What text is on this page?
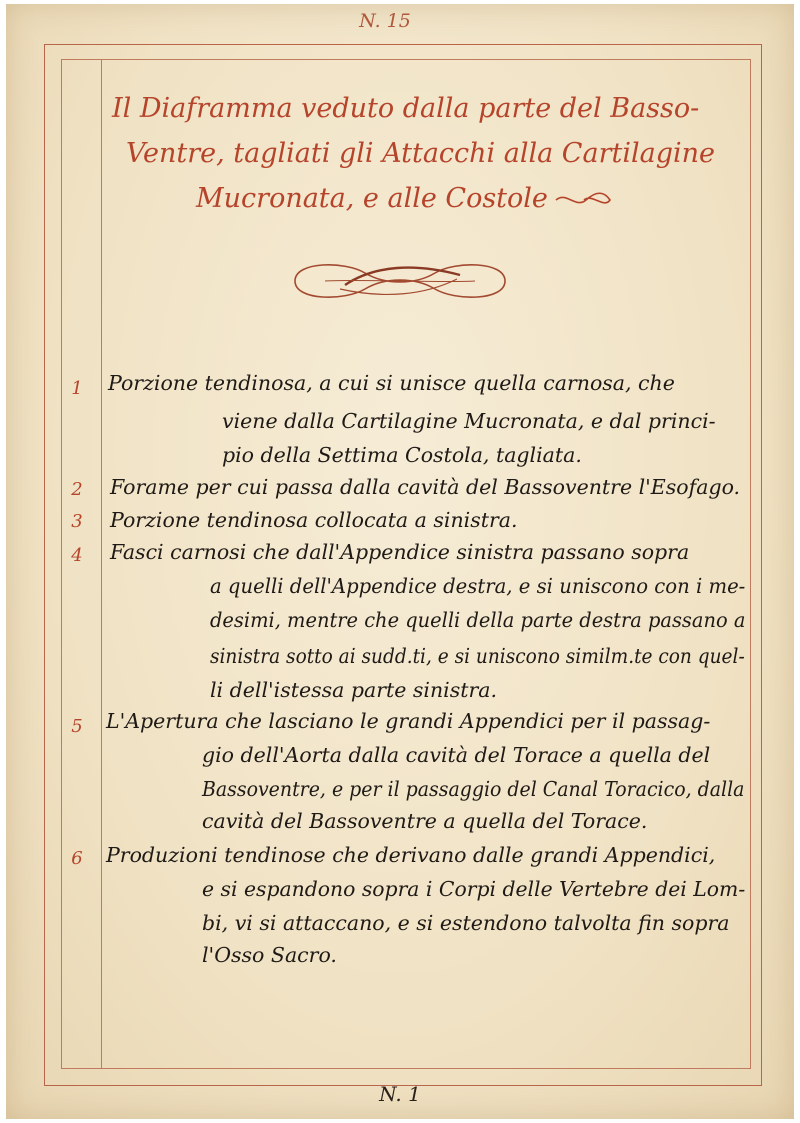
N. 15
Il Diaframma veduto dalla parte del Basso-
Ventre, tagliati gli Attacchi alla Cartilagine
Mucronata, e alle Costole
1	Porzione tendinosa, a cui si unisce quella carnosa, che
viene dalla Cartilagine Mucronata, e dal princi-
pio della Settima Costola, tagliata.
2	Forame per cui passa dalla cavità del Bassoventre l'Esofago.
3	Porzione tendinosa collocata a sinistra.
4	Fasci carnosi che dall'Appendice sinistra passano sopra
a quelli dell'Appendice destra, e si uniscono con i me-
desimi, mentre che quelli della parte destra passano a
sinistra sotto ai sudd.ti, e si uniscono similm.te con quel-
li dell'istessa parte sinistra.
5	L'Apertura che lasciano le grandi Appendici per il passag-
gio dell'Aorta dalla cavità del Torace a quella del
Bassoventre, e per il passaggio del Canal Toracico, dalla
cavità del Bassoventre a quella del Torace.
6	Produzioni tendinose che derivano dalle grandi Appendici,
e si espandono sopra i Corpi delle Vertebre dei Lom-
bi, vi si attaccano, e si estendono talvolta fin sopra
l'Osso Sacro.
N. 1
